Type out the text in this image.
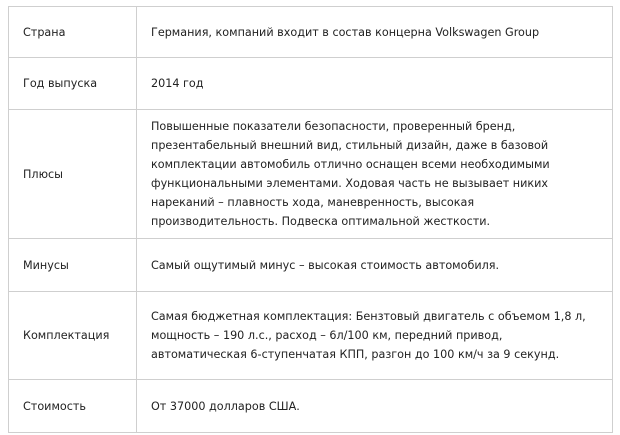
Страна	Германия, компаний входит в состав концерна Volkswagen Group
Год выпуска	2014 год
Плюсы	Повышенные показатели безопасности, проверенный бренд, презентабельный внешний вид, стильный дизайн, даже в базовой комплектации автомобиль отлично оснащен всеми необходимыми функциональными элементами. Ходовая часть не вызывает никих нареканий – плавность хода, маневренность, высокая производительность. Подвеска оптимальной жесткости.
Минусы	Самый ощутимый минус – высокая стоимость автомобиля.
Комплектация	Самая бюджетная комплектация: Бензтовый двигатель с объемом 1,8 л, мощность – 190 л.с., расход – 6л/100 км, передний привод, автоматическая 6-ступенчатая КПП, разгон до 100 км/ч за 9 секунд.
Стоимость	От 37000 долларов США.
